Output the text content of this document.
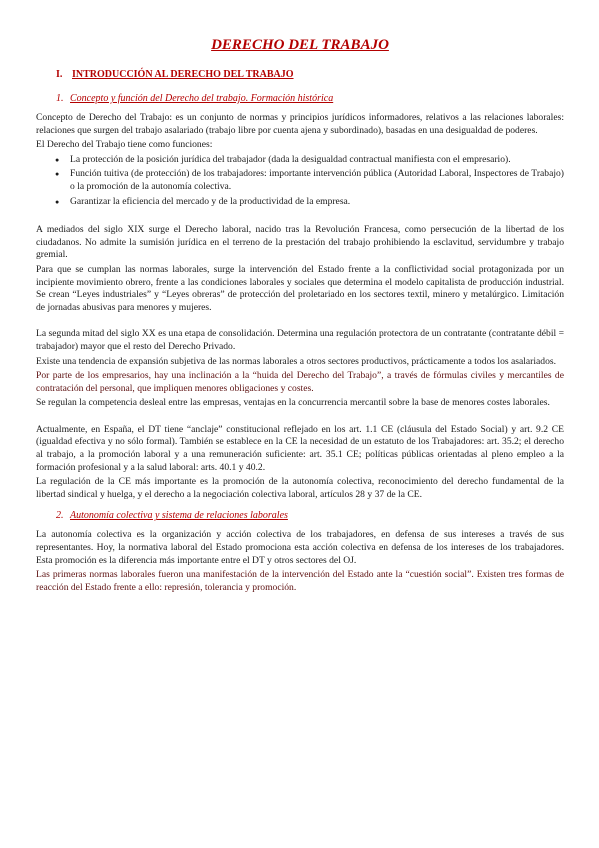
DERECHO DEL TRABAJO
I. INTRODUCCIÓN AL DERECHO DEL TRABAJO
1. Concepto y función del Derecho del trabajo. Formación histórica

Concepto de Derecho del Trabajo: es un conjunto de normas y principios jurídicos informadores, relativos a las relaciones laborales: relaciones que surgen del trabajo asalariado (trabajo libre por cuenta ajena y subordinado), basadas en una desigualdad de poderes.

El Derecho del Trabajo tiene como funciones:

● La protección de la posición jurídica del trabajador (dada la desigualdad contractual manifiesta con el empresario).
● Función tuitiva (de protección) de los trabajadores: importante intervención pública (Autoridad Laboral, Inspectores de Trabajo) o la promoción de la autonomía colectiva.
● Garantizar la eficiencia del mercado y de la productividad de la empresa.

A mediados del siglo XIX surge el Derecho laboral, nacido tras la Revolución Francesa, como persecución de la libertad de los ciudadanos. No admite la sumisión jurídica en el terreno de la prestación del trabajo prohibiendo la esclavitud, servidumbre y trabajo gremial.

Para que se cumplan las normas laborales, surge la intervención del Estado frente a la conflictividad social protagonizada por un incipiente movimiento obrero, frente a las condiciones laborales y sociales que determina el modelo capitalista de producción industrial. Se crean “Leyes industriales” y “Leyes obreras” de protección del proletariado en los sectores textil, minero y metalúrgico. Limitación de jornadas abusivas para menores y mujeres.

La segunda mitad del siglo XX es una etapa de consolidación. Determina una regulación protectora de un contratante (contratante débil = trabajador) mayor que el resto del Derecho Privado.

Existe una tendencia de expansión subjetiva de las normas laborales a otros sectores productivos, prácticamente a todos los asalariados.

Por parte de los empresarios, hay una inclinación a la “huida del Derecho del Trabajo”, a través de fórmulas civiles y mercantiles de contratación del personal, que impliquen menores obligaciones y costes.

Se regulan la competencia desleal entre las empresas, ventajas en la concurrencia mercantil sobre la base de menores costes laborales.

Actualmente, en España, el DT tiene “anclaje” constitucional reflejado en los art. 1.1 CE (cláusula del Estado Social) y art. 9.2 CE (igualdad efectiva y no sólo formal). También se establece en la CE la necesidad de un estatuto de los Trabajadores: art. 35.2; el derecho al trabajo, a la promoción laboral y a una remuneración suficiente: art. 35.1 CE; políticas públicas orientadas al pleno empleo a la formación profesional y a la salud laboral: arts. 40.1 y 40.2.

La regulación de la CE más importante es la promoción de la autonomía colectiva, reconocimiento del derecho fundamental de la libertad sindical y huelga, y el derecho a la negociación colectiva laboral, artículos 28 y 37 de la CE.

2. Autonomía colectiva y sistema de relaciones laborales

La autonomía colectiva es la organización y acción colectiva de los trabajadores, en defensa de sus intereses a través de sus representantes. Hoy, la normativa laboral del Estado promociona esta acción colectiva en defensa de los intereses de los trabajadores. Esta promoción es la diferencia más importante entre el DT y otros sectores del OJ.

Las primeras normas laborales fueron una manifestación de la intervención del Estado ante la “cuestión social”. Existen tres formas de reacción del Estado frente a ello: represión, tolerancia y promoción.
